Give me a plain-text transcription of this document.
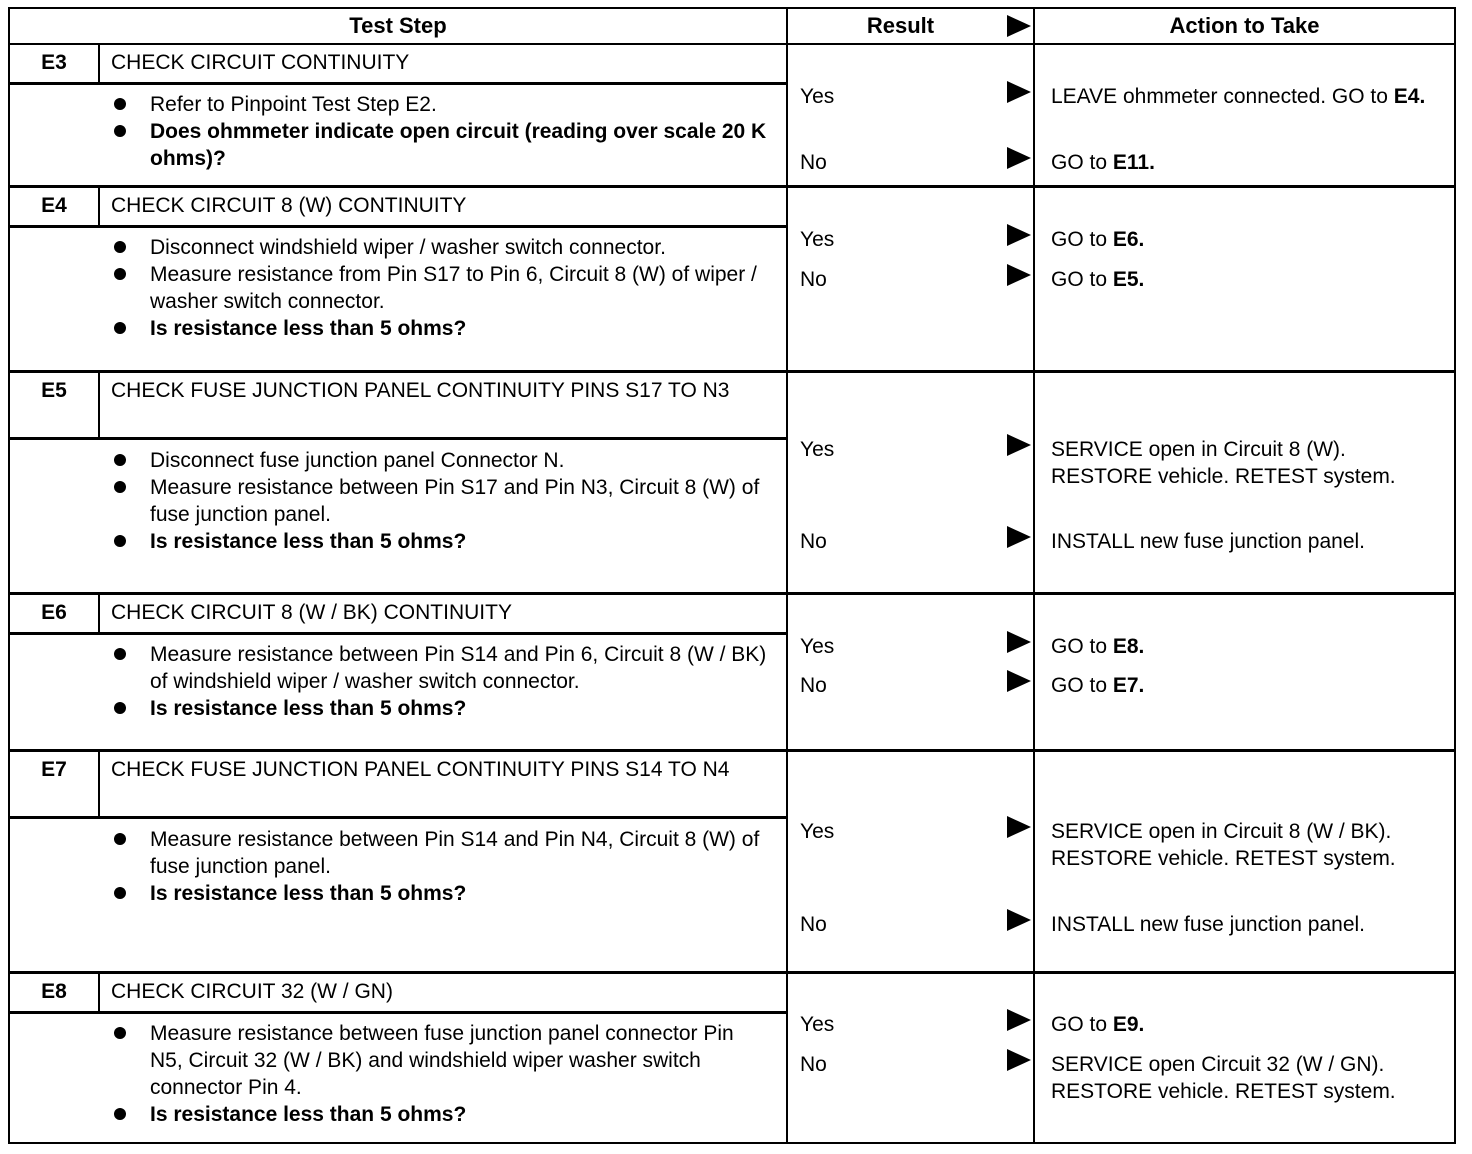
Test Step	Result	Action to Take
E3	CHECK CIRCUIT CONTINUITY
Refer to Pinpoint Test Step E2.
Does ohmmeter indicate open circuit (reading over scale 20 K ohms)?
Yes	LEAVE ohmmeter connected. GO to E4.
No	GO to E11.
E4	CHECK CIRCUIT 8 (W) CONTINUITY
Disconnect windshield wiper / washer switch connector.
Measure resistance from Pin S17 to Pin 6, Circuit 8 (W) of wiper / washer switch connector.
Is resistance less than 5 ohms?
Yes	GO to E6.
No	GO to E5.
E5	CHECK FUSE JUNCTION PANEL CONTINUITY PINS S17 TO N3
Disconnect fuse junction panel Connector N.
Measure resistance between Pin S17 and Pin N3, Circuit 8 (W) of fuse junction panel.
Is resistance less than 5 ohms?
Yes	SERVICE open in Circuit 8 (W). RESTORE vehicle. RETEST system.
No	INSTALL new fuse junction panel.
E6	CHECK CIRCUIT 8 (W / BK) CONTINUITY
Measure resistance between Pin S14 and Pin 6, Circuit 8 (W / BK) of windshield wiper / washer switch connector.
Is resistance less than 5 ohms?
Yes	GO to E8.
No	GO to E7.
E7	CHECK FUSE JUNCTION PANEL CONTINUITY PINS S14 TO N4
Measure resistance between Pin S14 and Pin N4, Circuit 8 (W) of fuse junction panel.
Is resistance less than 5 ohms?
Yes	SERVICE open in Circuit 8 (W / BK). RESTORE vehicle. RETEST system.
No	INSTALL new fuse junction panel.
E8	CHECK CIRCUIT 32 (W / GN)
Measure resistance between fuse junction panel connector Pin N5, Circuit 32 (W / BK) and windshield wiper washer switch connector Pin 4.
Is resistance less than 5 ohms?
Yes	GO to E9.
No	SERVICE open Circuit 32 (W / GN). RESTORE vehicle. RETEST system.
